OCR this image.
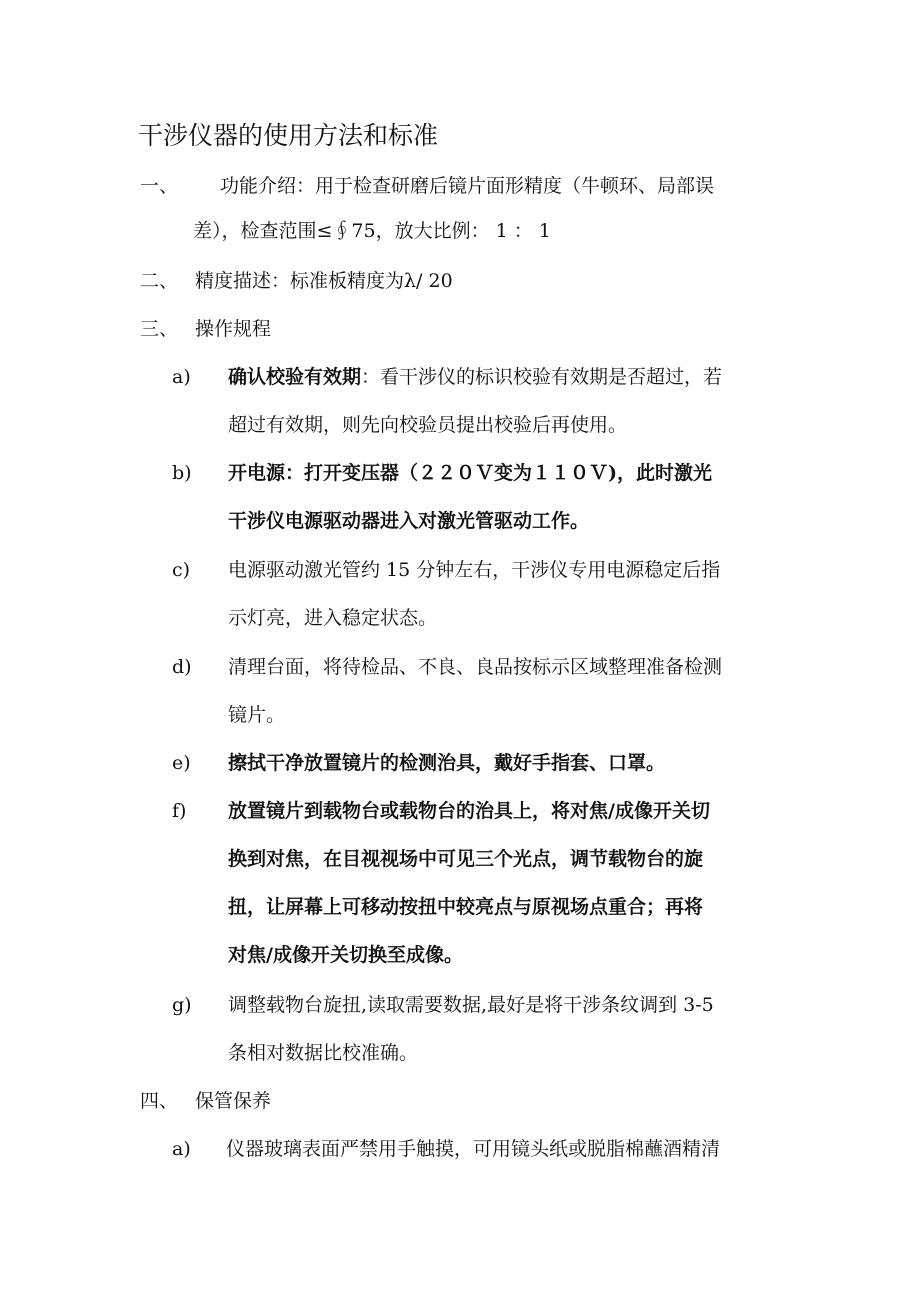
干涉仪器的使用方法和标准
一、 功能介绍：用于检查研磨后镜片面形精度（牛顿环、局部误
差），检查范围≤∮75，放大比例： 1 ： 1
二、 精度描述：标准板精度为λ/ 20
三、 操作规程
a) 确认校验有效期：看干涉仪的标识校验有效期是否超过，若
超过有效期，则先向校验员提出校验后再使用。
b) 开电源：打开变压器（２２０Ｖ变为１１０Ｖ)，此时激光
干涉仪电源驱动器进入对激光管驱动工作。
c) 电源驱动激光管约 15 分钟左右，干涉仪专用电源稳定后指
示灯亮，进入稳定状态。
d) 清理台面，将待检品、不良、良品按标示区域整理准备检测
镜片。
e) 擦拭干净放置镜片的检测治具，戴好手指套、口罩。
f) 放置镜片到载物台或载物台的治具上，将对焦/成像开关切
换到对焦，在目视视场中可见三个光点，调节载物台的旋
扭，让屏幕上可移动按扭中较亮点与原视场点重合；再将
对焦/成像开关切换至成像。
g) 调整载物台旋扭,读取需要数据,最好是将干涉条纹调到 3-5
条相对数据比校准确。
四、 保管保养
a) 仪器玻璃表面严禁用手触摸，可用镜头纸或脱脂棉蘸酒精清
